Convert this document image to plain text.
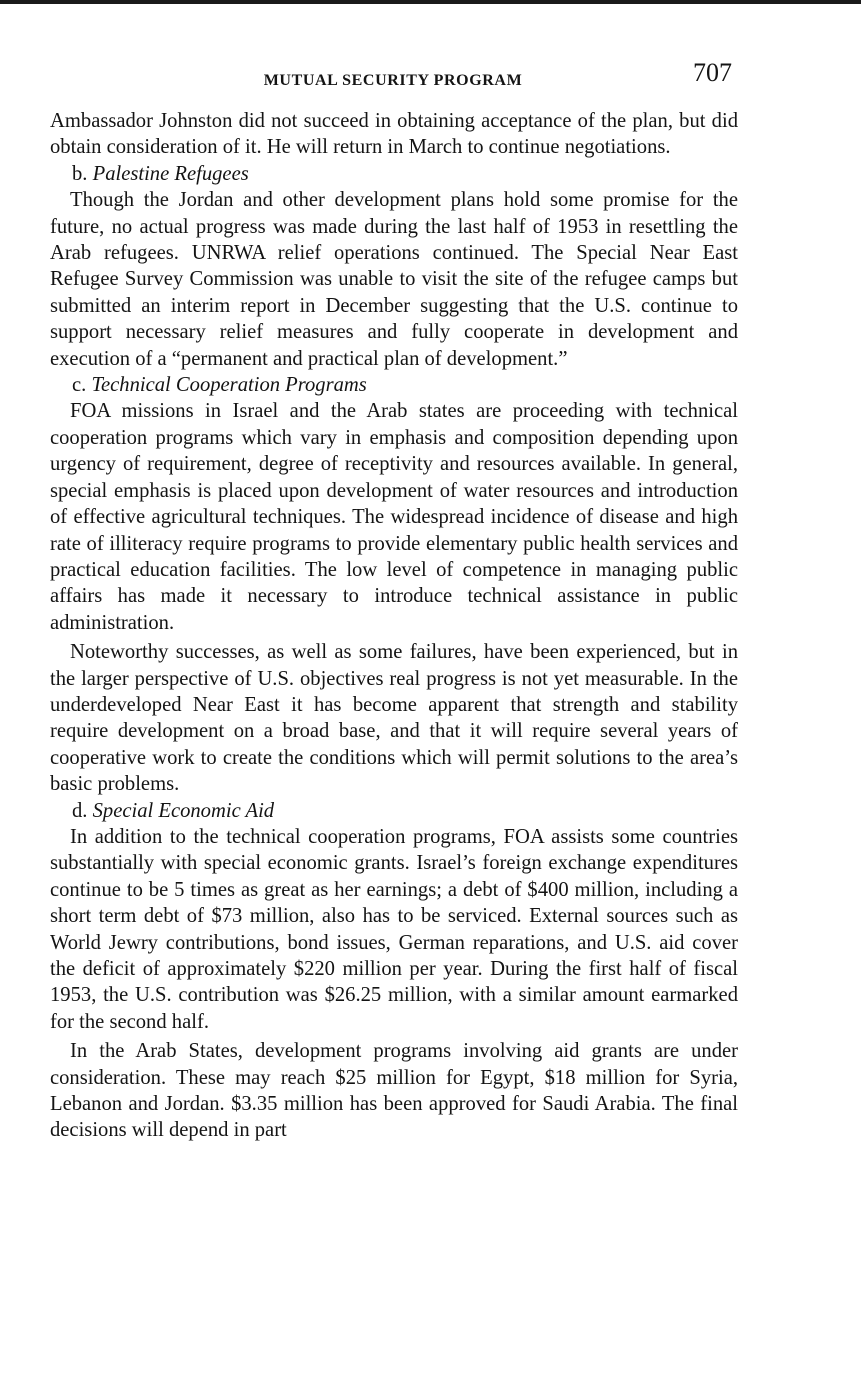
MUTUAL SECURITY PROGRAM	707

Ambassador Johnston did not succeed in obtaining acceptance of the plan, but did obtain consideration of it. He will return in March to continue negotiations.

b. Palestine Refugees

Though the Jordan and other development plans hold some promise for the future, no actual progress was made during the last half of 1953 in resettling the Arab refugees. UNRWA relief operations continued. The Special Near East Refugee Survey Commission was unable to visit the site of the refugee camps but submitted an interim report in December suggesting that the U.S. continue to support necessary relief measures and fully cooperate in development and execution of a “permanent and practical plan of development.”

c. Technical Cooperation Programs

FOA missions in Israel and the Arab states are proceeding with technical cooperation programs which vary in emphasis and composition depending upon urgency of requirement, degree of receptivity and resources available. In general, special emphasis is placed upon development of water resources and introduction of effective agricultural techniques. The widespread incidence of disease and high rate of illiteracy require programs to provide elementary public health services and practical education facilities. The low level of competence in managing public affairs has made it necessary to introduce technical assistance in public administration.

Noteworthy successes, as well as some failures, have been experienced, but in the larger perspective of U.S. objectives real progress is not yet measurable. In the underdeveloped Near East it has become apparent that strength and stability require development on a broad base, and that it will require several years of cooperative work to create the conditions which will permit solutions to the area’s basic problems.

d. Special Economic Aid

In addition to the technical cooperation programs, FOA assists some countries substantially with special economic grants. Israel’s foreign exchange expenditures continue to be 5 times as great as her earnings; a debt of $400 million, including a short term debt of $73 million, also has to be serviced. External sources such as World Jewry contributions, bond issues, German reparations, and U.S. aid cover the deficit of approximately $220 million per year. During the first half of fiscal 1953, the U.S. contribution was $26.25 million, with a similar amount earmarked for the second half.

In the Arab States, development programs involving aid grants are under consideration. These may reach $25 million for Egypt, $18 million for Syria, Lebanon and Jordan. $3.35 million has been approved for Saudi Arabia. The final decisions will depend in part
